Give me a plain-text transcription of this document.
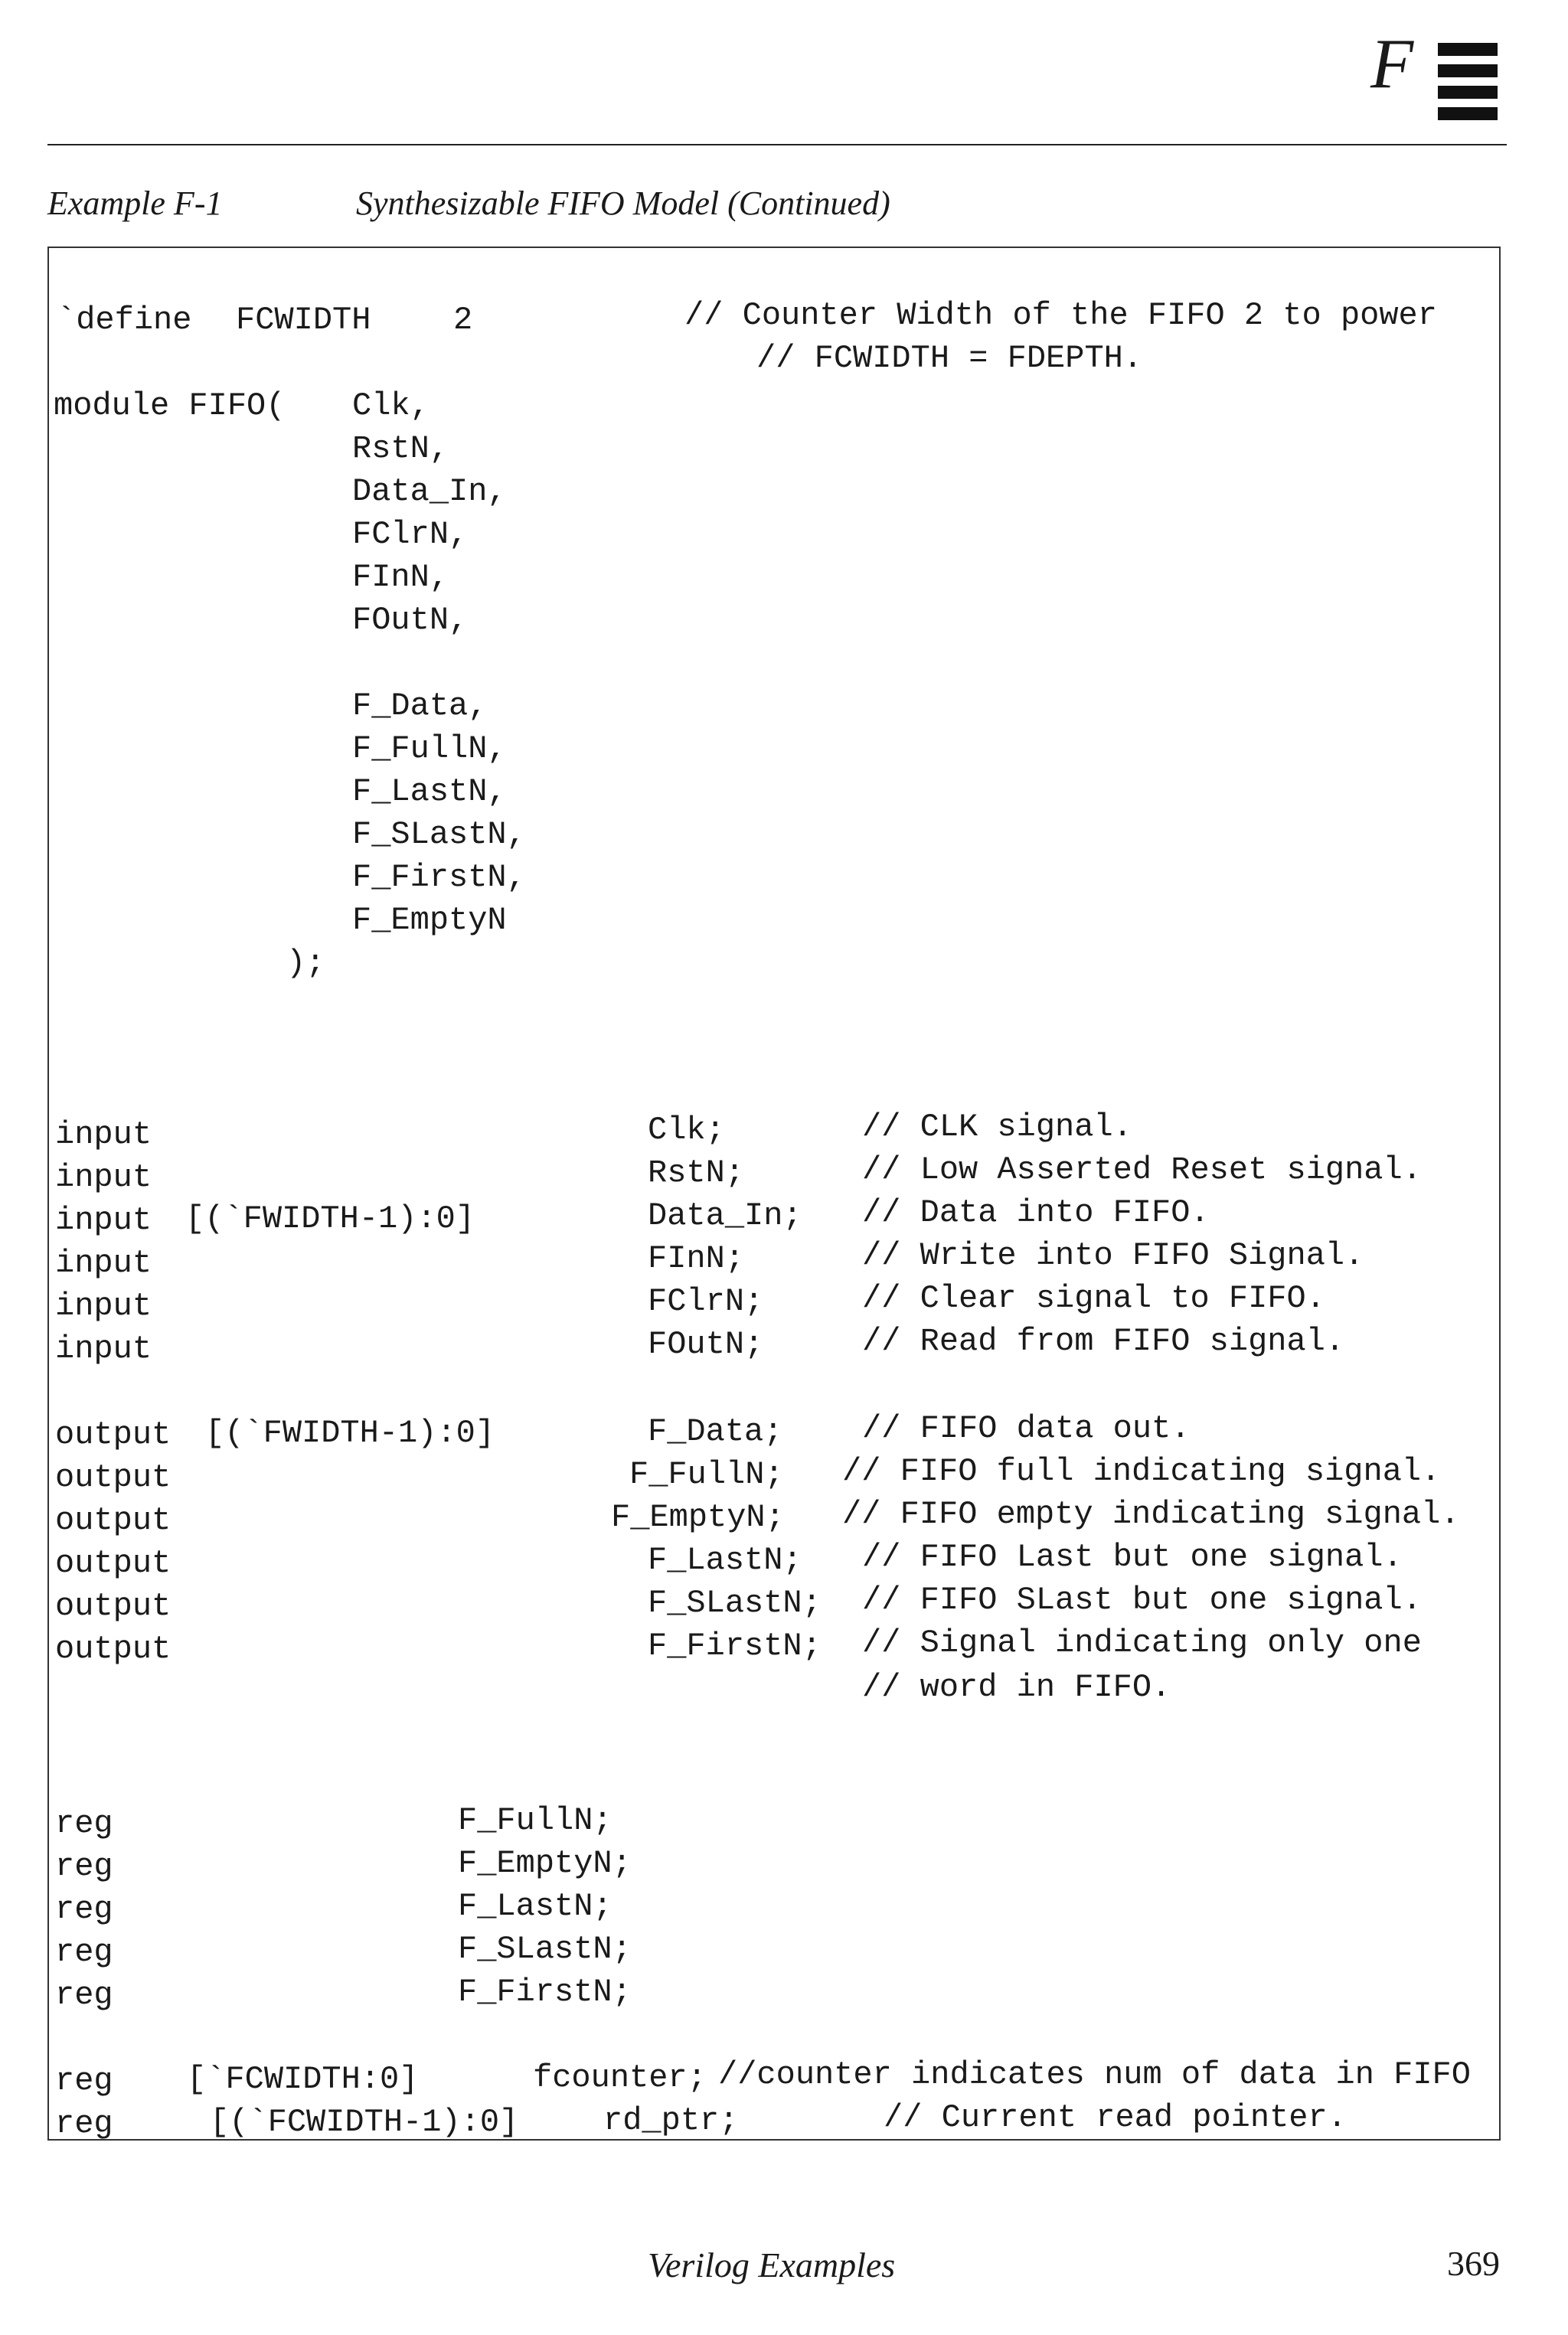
F
Example F-1	Synthesizable FIFO Model (Continued)
`define FCWIDTH	2	// Counter Width of the FIFO 2 to power
// FCWIDTH = FDEPTH.
module FIFO( Clk,
RstN,
Data_In,
FClrN,
FInN,
FOutN,
F_Data,
F_FullN,
F_LastN,
F_SLastN,
F_FirstN,
F_EmptyN
);
input	Clk;	// CLK signal.
input	RstN;	// Low Asserted Reset signal.
input [(`FWIDTH-1):0]	Data_In; // Data into FIFO.
input	FInN;	// Write into FIFO Signal.
input	FClrN;	// Clear signal to FIFO.
input	FOutN;	// Read from FIFO signal.
output [(`FWIDTH-1):0]	F_Data; // FIFO data out.
output	F_FullN; // FIFO full indicating signal.
output	F_EmptyN; // FIFO empty indicating signal.
output	F_LastN; // FIFO Last but one signal.
output	F_SLastN; // FIFO SLast but one signal.
output	F_FirstN; // Signal indicating only one
// word in FIFO.
reg	F_FullN;
reg	F_EmptyN;
reg	F_LastN;
reg	F_SLastN;
reg	F_FirstN;
reg [`FCWIDTH:0]	fcounter; //counter indicates num of data in FIFO
reg	[(`FCWIDTH-1):0]	rd_ptr;	// Current read pointer.
Verilog Examples	369
